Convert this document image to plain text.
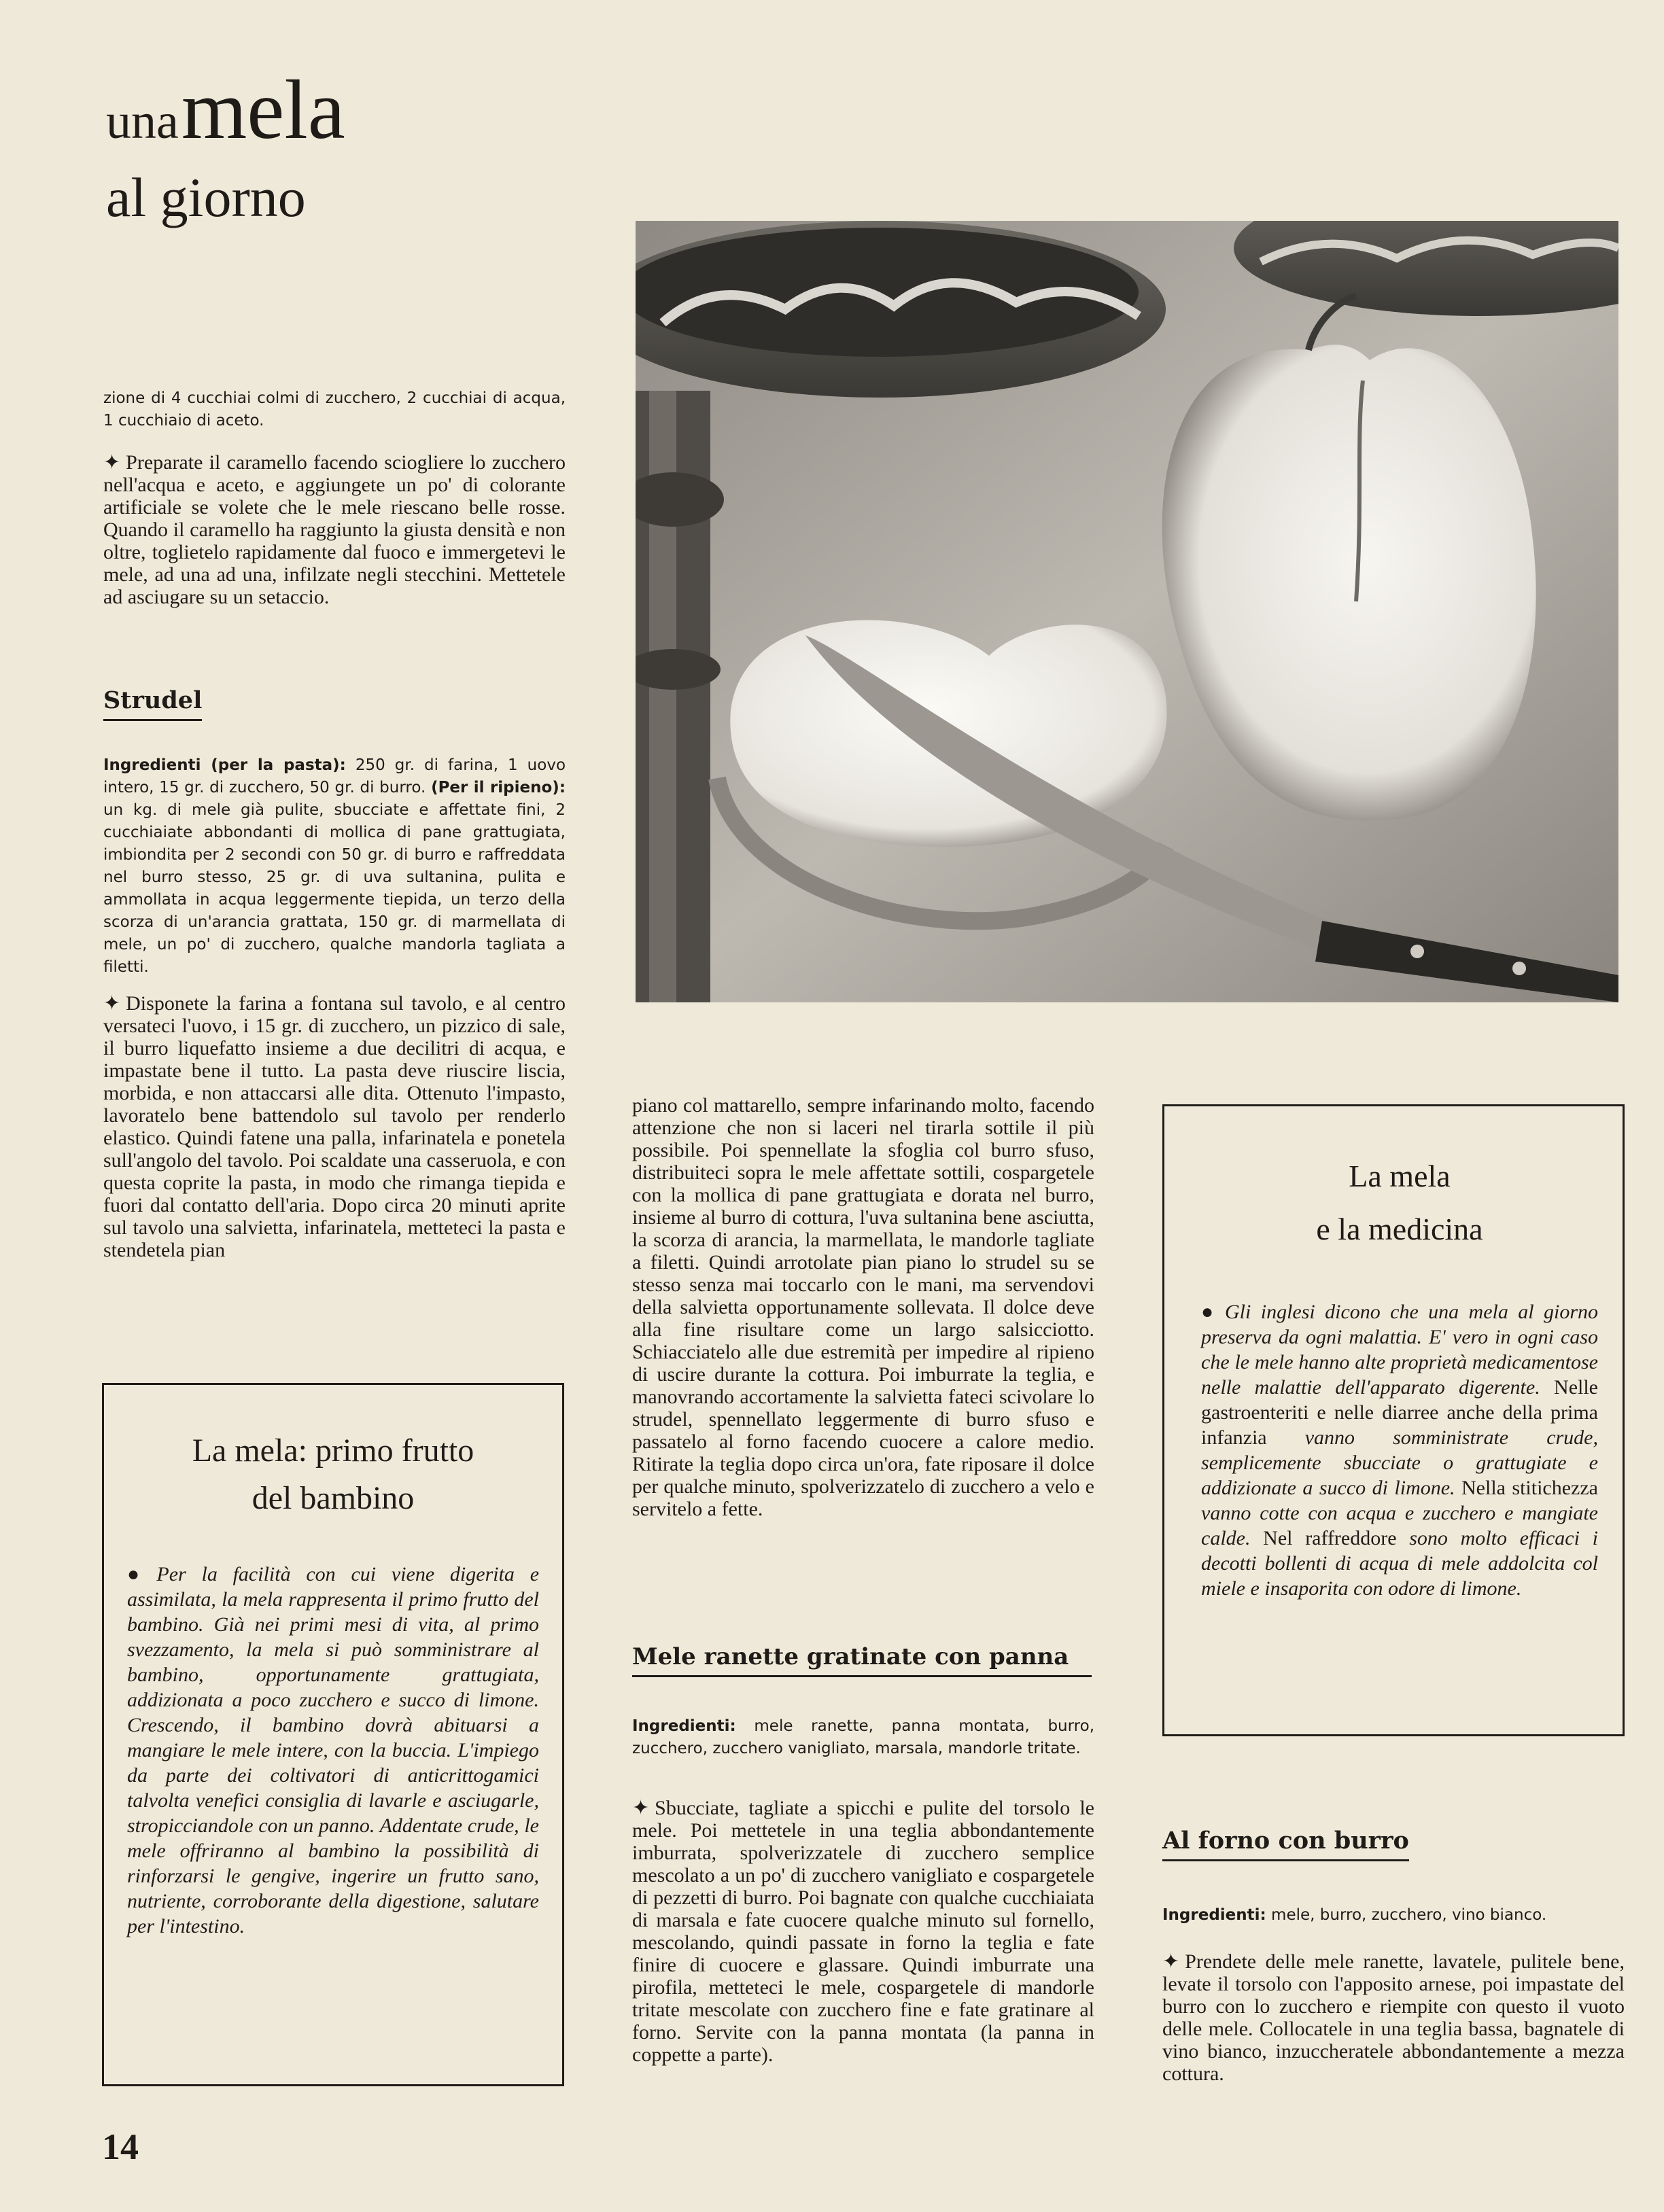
una mela
al giorno
zione di 4 cucchiai colmi di zucchero, 2 cucchiai di acqua, 1 cucchiaio di aceto.
✦ Preparate il caramello facendo sciogliere lo zucchero nell'acqua e aceto, e aggiungete un po' di colorante artificiale se volete che le mele riescano belle rosse. Quando il caramello ha raggiunto la giusta densità e non oltre, toglietelo rapidamente dal fuoco e immergetevi le mele, ad una ad una, infilzate negli stecchini. Mettetele ad asciugare su un setaccio.
Strudel
Ingredienti (per la pasta): 250 gr. di farina, 1 uovo intero, 15 gr. di zucchero, 50 gr. di burro. (Per il ripieno): un kg. di mele già pulite, sbucciate e affettate fini, 2 cucchiaiate abbondanti di mollica di pane grattugiata, imbiondita per 2 secondi con 50 gr. di burro e raffreddata nel burro stesso, 25 gr. di uva sultanina, pulita e ammollata in acqua leggermente tiepida, un terzo della scorza di un'arancia grattata, 150 gr. di marmellata di mele, un po' di zucchero, qualche mandorla tagliata a filetti.
✦ Disponete la farina a fontana sul tavolo, e al centro versateci l'uovo, i 15 gr. di zucchero, un pizzico di sale, il burro liquefatto insieme a due decilitri di acqua, e impastate bene il tutto. La pasta deve riuscire liscia, morbida, e non attaccarsi alle dita. Ottenuto l'impasto, lavoratelo bene battendolo sul tavolo per renderlo elastico. Quindi fatene una palla, infarinatela e ponetela sull'angolo del tavolo. Poi scaldate una casseruola, e con questa coprite la pasta, in modo che rimanga tiepida e fuori dal contatto dell'aria. Dopo circa 20 minuti aprite sul tavolo una salvietta, infarinatela, metteteci la pasta e stendetela pian
La mela: primo frutto
del bambino
● Per la facilità con cui viene digerita e assimilata, la mela rappresenta il primo frutto del bambino. Già nei primi mesi di vita, al primo svezzamento, la mela si può somministrare al bambino, opportunamente grattugiata, addizionata a poco zucchero e succo di limone. Crescendo, il bambino dovrà abituarsi a mangiare le mele intere, con la buccia. L'impiego da parte dei coltivatori di anticrittogamici talvolta venefici consiglia di lavarle e asciugarle, stropicciandole con un panno. Addentate crude, le mele offriranno al bambino la possibilità di rinforzarsi le gengive, ingerire un frutto sano, nutriente, corroborante della digestione, salutare per l'intestino.
piano col mattarello, sempre infarinando molto, facendo attenzione che non si laceri nel tirarla sottile il più possibile. Poi spennellate la sfoglia col burro sfuso, distribuiteci sopra le mele affettate sottili, cospargetele con la mollica di pane grattugiata e dorata nel burro, insieme al burro di cottura, l'uva sultanina bene asciutta, la scorza di arancia, la marmellata, le mandorle tagliate a filetti. Quindi arrotolate pian piano lo strudel su se stesso senza mai toccarlo con le mani, ma servendovi della salvietta opportunamente sollevata. Il dolce deve alla fine risultare come un largo salsicciotto. Schiacciatelo alle due estremità per impedire al ripieno di uscire durante la cottura. Poi imburrate la teglia, e manovrando accortamente la salvietta fateci scivolare lo strudel, spennellato leggermente di burro sfuso e passatelo al forno facendo cuocere a calore medio. Ritirate la teglia dopo circa un'ora, fate riposare il dolce per qualche minuto, spolverizzatelo di zucchero a velo e servitelo a fette.
Mele ranette gratinate con panna
Ingredienti: mele ranette, panna montata, burro, zucchero, zucchero vanigliato, marsala, mandorle tritate.
✦ Sbucciate, tagliate a spicchi e pulite del torsolo le mele. Poi mettetele in una teglia abbondantemente imburrata, spolverizzatele di zucchero semplice mescolato a un po' di zucchero vanigliato e cospargetele di pezzetti di burro. Poi bagnate con qualche cucchiaiata di marsala e fate cuocere qualche minuto sul fornello, mescolando, quindi passate in forno la teglia e fate finire di cuocere e glassare. Quindi imburrate una pirofila, metteteci le mele, cospargetele di mandorle tritate mescolate con zucchero fine e fate gratinare al forno. Servite con la panna montata (la panna in coppette a parte).
La mela
e la medicina
● Gli inglesi dicono che una mela al giorno preserva da ogni malattia. E' vero in ogni caso che le mele hanno alte proprietà medicamentose nelle malattie dell'apparato digerente. Nelle gastroenteriti e nelle diarree anche della prima infanzia vanno somministrate crude, semplicemente sbucciate o grattugiate e addizionate a succo di limone. Nella stitichezza vanno cotte con acqua e zucchero e mangiate calde. Nel raffreddore sono molto efficaci i decotti bollenti di acqua di mele addolcita col miele e insaporita con odore di limone.
Al forno con burro
Ingredienti: mele, burro, zucchero, vino bianco.
✦ Prendete delle mele ranette, lavatele, pulitele bene, levate il torsolo con l'apposito arnese, poi impastate del burro con lo zucchero e riempite con questo il vuoto delle mele. Collocatele in una teglia bassa, bagnatele di vino bianco, inzuccheratele abbondantemente a mezza cottura.
14
